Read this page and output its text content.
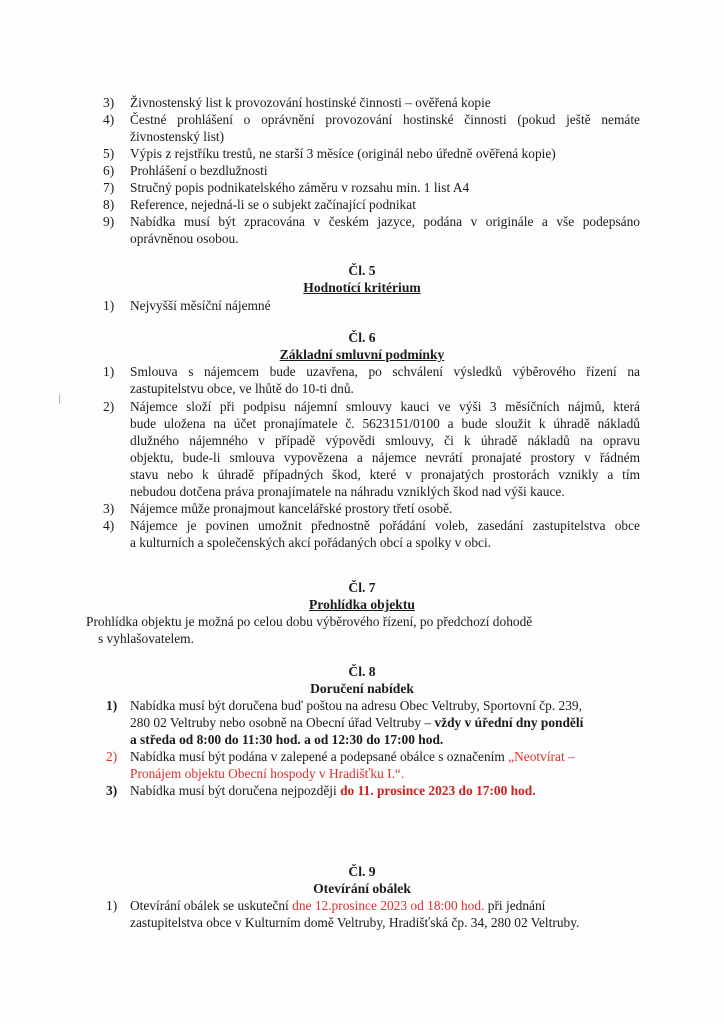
3) Živnostenský list k provozování hostinské činnosti – ověřená kopie
4) Čestné prohlášení o oprávnění provozování hostinské činnosti (pokud ještě nemáte
živnostenský list)
5) Výpis z rejstříku trestů, ne starší 3 měsíce (originál nebo úředně ověřená kopie)
6) Prohlášení o bezdlužnosti
7) Stručný popis podnikatelského záměru v rozsahu min. 1 list A4
8) Reference, nejedná-li se o subjekt začínající podnikat
9) Nabídka musí být zpracována v českém jazyce, podána v originále a vše podepsáno
oprávněnou osobou.
Čl. 5
Hodnotící kritérium
1) Nejvyšší měsíční nájemné
Čl. 6
Základní smluvní podmínky
1) Smlouva s nájemcem bude uzavřena, po schválení výsledků výběrového řízení na
zastupitelstvu obce, ve lhůtě do 10-ti dnů.
2) Nájemce složí při podpisu nájemní smlouvy kauci ve výši 3 měsíčních nájmů, která
bude uložena na účet pronajímatele č. 5623151/0100 a bude sloužit k úhradě nákladů
dlužného nájemného v případě výpovědi smlouvy, či k úhradě nákladů na opravu
objektu, bude-li smlouva vypovězena a nájemce nevrátí pronajaté prostory v řádném
stavu nebo k úhradě případných škod, které v pronajatých prostorách vznikly a tím
nebudou dotčena práva pronajímatele na náhradu vzniklých škod nad výši kauce.
3) Nájemce může pronajmout kancelářské prostory třetí osobě.
4) Nájemce je povinen umožnit přednostně pořádání voleb, zasedání zastupitelstva obce
a kulturních a společenských akcí pořádaných obcí a spolky v obci.
Čl. 7
Prohlídka objektu
Prohlídka objektu je možná po celou dobu výběrového řízení, po předchozí dohodě
s vyhlašovatelem.
Čl. 8
Doručení nabídek
1) Nabídka musí být doručena buď poštou na adresu Obec Veltruby, Sportovní čp. 239,
280 02 Veltruby nebo osobně na Obecní úřad Veltruby – vždy v úřední dny pondělí
a středa od 8:00 do 11:30 hod. a od 12:30 do 17:00 hod.
2) Nabídka musí být podána v zalepené a podepsané obálce s označením „Neotvírat –
Pronájem objektu Obecní hospody v Hradišťku I.“.
3) Nabídka musí být doručena nejpozději do 11. prosince 2023 do 17:00 hod.
Čl. 9
Otevírání obálek
1) Otevírání obálek se uskuteční dne 12.prosince 2023 od 18:00 hod. při jednání
zastupitelstva obce v Kulturním domě Veltruby, Hradišťská čp. 34, 280 02 Veltruby.
